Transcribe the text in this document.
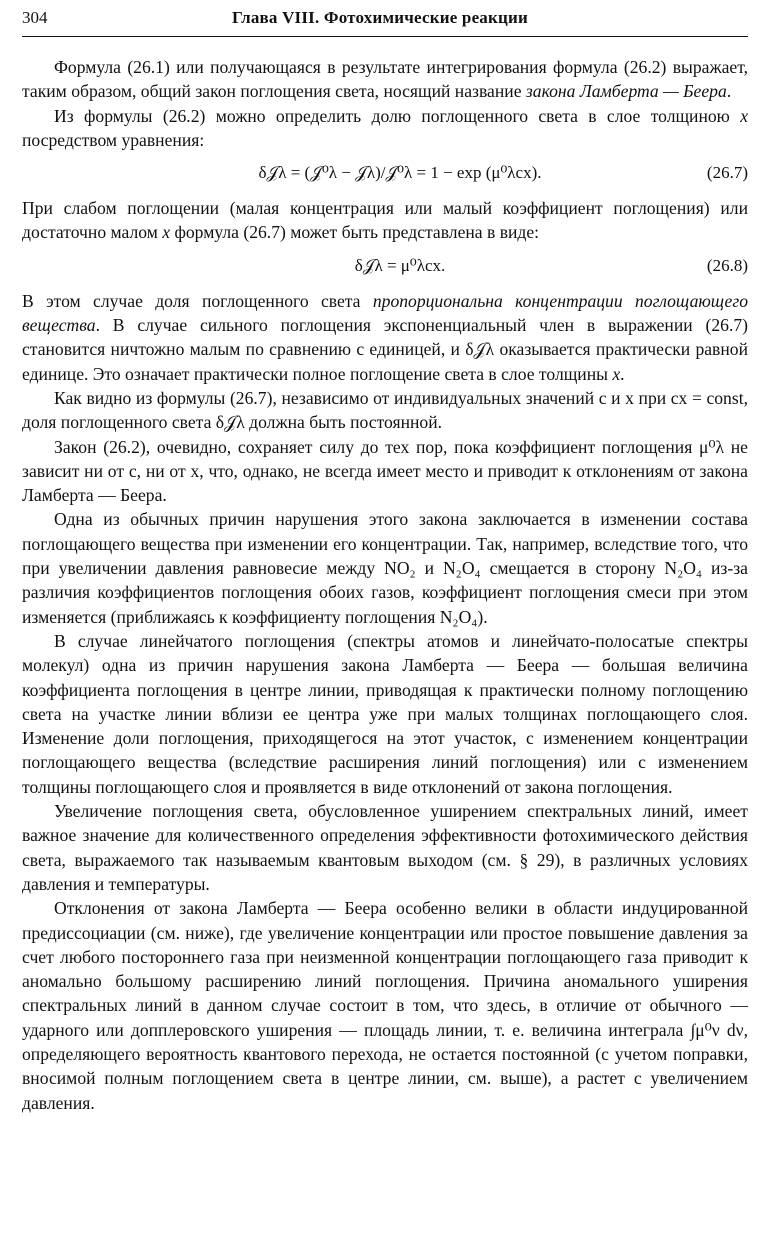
304	Глава VIII. Фотохимические реакции

Формула (26.1) или получающаяся в результате интегрирования формула (26.2) выражает, таким образом, общий закон поглощения света, носящий название закона Ламберта — Беера.

Из формулы (26.2) можно определить долю поглощенного света в слое толщиною x посредством уравнения:

δ𝒥λ = (𝒥⁰λ − 𝒥λ)/𝒥⁰λ = 1 − exp (μ⁰λcx).	(26.7)

При слабом поглощении (малая концентрация или малый коэффициент поглощения) или достаточно малом x формула (26.7) может быть представлена в виде:

δ𝒥λ = μ⁰λcx.	(26.8)

В этом случае доля поглощенного света пропорциональна концентрации поглощающего вещества. В случае сильного поглощения экспоненциальный член в выражении (26.7) становится ничтожно малым по сравнению с единицей, и δ𝒥λ оказывается практически равной единице. Это означает практически полное поглощение света в слое толщины x.

Как видно из формулы (26.7), независимо от индивидуальных значений c и x при cx = const, доля поглощенного света δ𝒥λ должна быть постоянной.

Закон (26.2), очевидно, сохраняет силу до тех пор, пока коэффициент поглощения μ⁰λ не зависит ни от c, ни от x, что, однако, не всегда имеет место и приводит к отклонениям от закона Ламберта — Беера.

Одна из обычных причин нарушения этого закона заключается в изменении состава поглощающего вещества при изменении его концентрации. Так, например, вследствие того, что при увеличении давления равновесие между NO₂ и N₂O₄ смещается в сторону N₂O₄ из-за различия коэффициентов поглощения обоих газов, коэффициент поглощения смеси при этом изменяется (приближаясь к коэффициенту поглощения N₂O₄).

В случае линейчатого поглощения (спектры атомов и линейчато-полосатые спектры молекул) одна из причин нарушения закона Ламберта — Беера — большая величина коэффициента поглощения в центре линии, приводящая к практически полному поглощению света на участке линии вблизи ее центра уже при малых толщинах поглощающего слоя. Изменение доли поглощения, приходящегося на этот участок, с изменением концентрации поглощающего вещества (вследствие расширения линий поглощения) или с изменением толщины поглощающего слоя и проявляется в виде отклонений от закона поглощения.

Увеличение поглощения света, обусловленное уширением спектральных линий, имеет важное значение для количественного определения эффективности фотохимического действия света, выражаемого так называемым квантовым выходом (см. § 29), в различных условиях давления и температуры.

Отклонения от закона Ламберта — Беера особенно велики в области индуцированной предиссоциации (см. ниже), где увеличение концентрации или простое повышение давления за счет любого постороннего газа при неизменной концентрации поглощающего газа приводит к аномально большому расширению линий поглощения. Причина аномального уширения спектральных линий в данном случае состоит в том, что здесь, в отличие от обычного — ударного или допплеровского уширения — площадь линии, т. е. величина интеграла ∫μ⁰ν dν, определяющего вероятность квантового перехода, не остается постоянной (с учетом поправки, вносимой полным поглощением света в центре линии, см. выше), а растет с увеличением давления.
